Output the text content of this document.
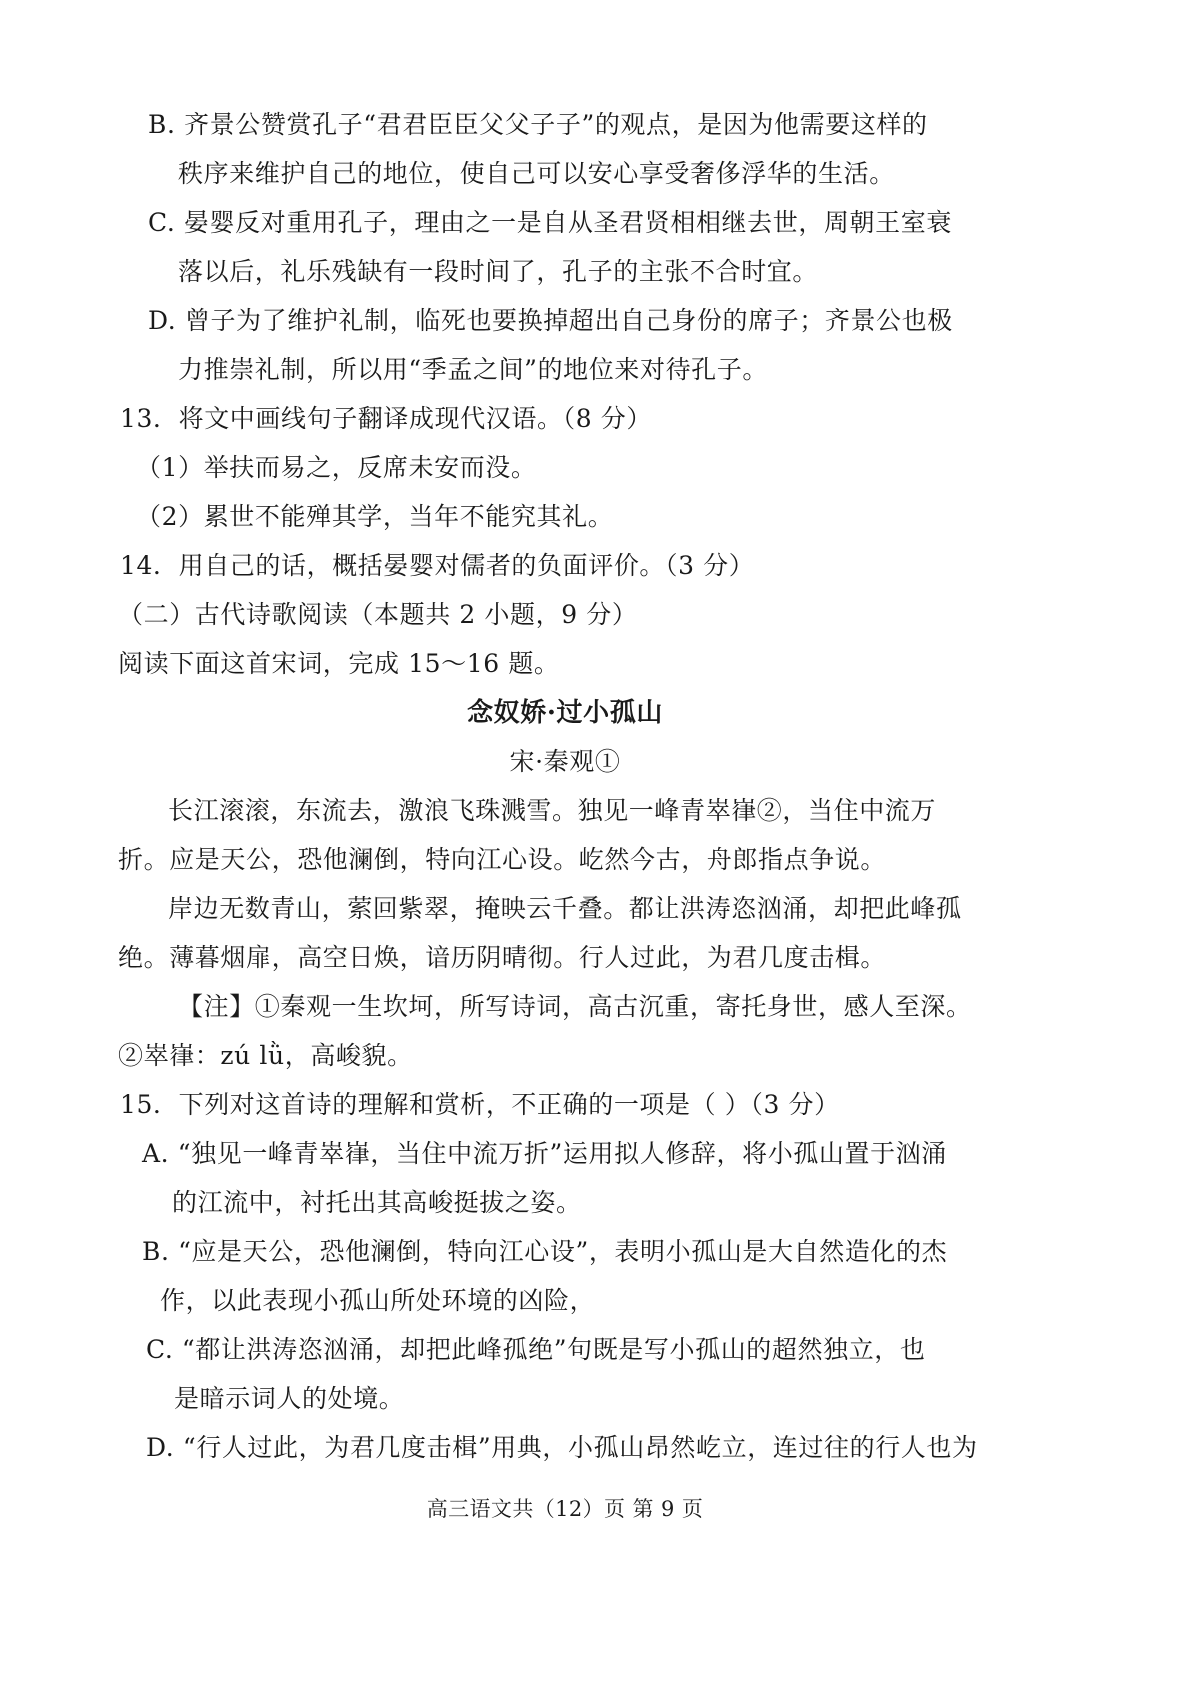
B. 齐景公赞赏孔子“君君臣臣父父子子”的观点，是因为他需要这样的
秩序来维护自己的地位，使自己可以安心享受奢侈浮华的生活。
C. 晏婴反对重用孔子，理由之一是自从圣君贤相相继去世，周朝王室衰
落以后，礼乐残缺有一段时间了，孔子的主张不合时宜。
D. 曾子为了维护礼制，临死也要换掉超出自己身份的席子；齐景公也极
力推崇礼制，所以用“季孟之间”的地位来对待孔子。
13．将文中画线句子翻译成现代汉语。（8 分）
（1）举扶而易之，反席未安而没。
（2）累世不能殚其学，当年不能究其礼。
14．用自己的话，概括晏婴对儒者的负面评价。（3 分）
（二）古代诗歌阅读（本题共 2 小题，9 分）
阅读下面这首宋词，完成 15～16 题。
念奴娇·过小孤山
宋·秦观①
长江滚滚，东流去，激浪飞珠溅雪。独见一峰青崒嵂②，当住中流万
折。应是天公，恐他澜倒，特向江心设。屹然今古，舟郎指点争说。
岸边无数青山，萦回紫翠，掩映云千叠。都让洪涛恣汹涌，却把此峰孤
绝。薄暮烟扉，高空日焕，谙历阴晴彻。行人过此，为君几度击楫。
【注】①秦观一生坎坷，所写诗词，高古沉重，寄托身世，感人至深。
②崒嵂：zú lǜ，高峻貌。
15．下列对这首诗的理解和赏析，不正确的一项是（ ）（3 分）
A. “独见一峰青崒嵂，当住中流万折”运用拟人修辞，将小孤山置于汹涌
的江流中，衬托出其高峻挺拔之姿。
B. “应是天公，恐他澜倒，特向江心设”，表明小孤山是大自然造化的杰
作，以此表现小孤山所处环境的凶险，
C. “都让洪涛恣汹涌，却把此峰孤绝”句既是写小孤山的超然独立，也
是暗示词人的处境。
D. “行人过此，为君几度击楫”用典，小孤山昂然屹立，连过往的行人也为
高三语文共（12）页 第 9 页
